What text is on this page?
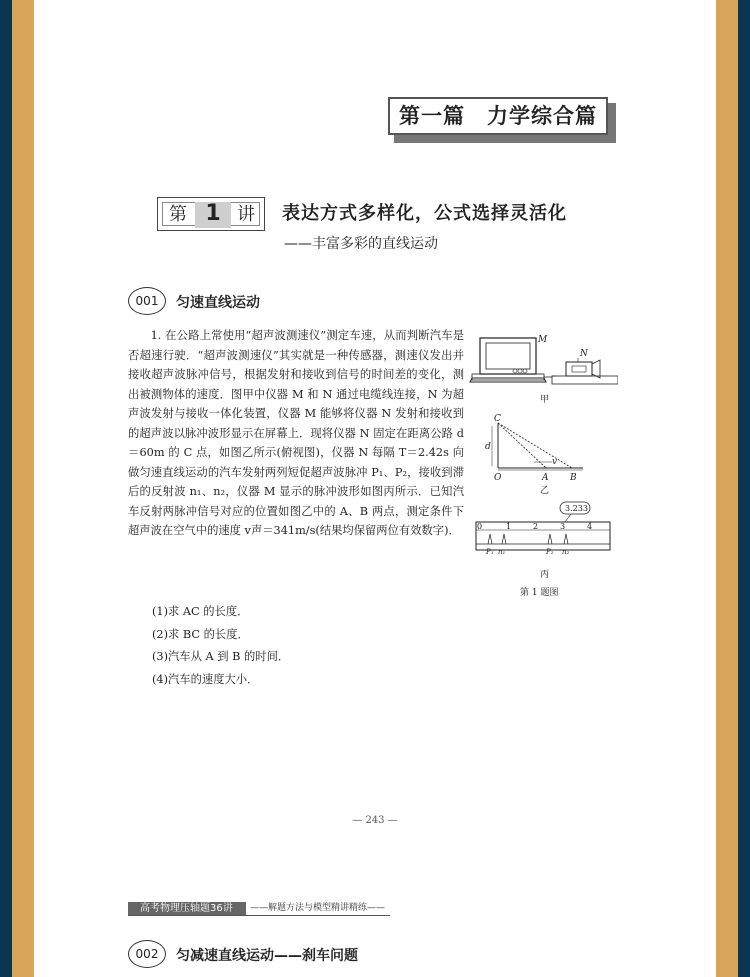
第一篇　力学综合篇
第 1 讲 表达方式多样化，公式选择灵活化
——丰富多彩的直线运动
001	匀速直线运动

1. 在公路上常使用“超声波测速仪”测定车速，从而判断汽车是否超速行驶．“超声波测速仪”其实就是一种传感器，测速仪发出并接收超声波脉冲信号，根据发射和接收到信号的时间差的变化，测出被测物体的速度．图甲中仪器 M 和 N 通过电缆线连接，N 为超声波发射与接收一体化装置，仪器 M 能够将仪器 N 发射和接收到的超声波以脉冲波形显示在屏幕上．现将仪器 N 固定在距离公路 d＝60m 的 C 点，如图乙所示(俯视图)，仪器 N 每隔 T＝2.42s 向做匀速直线运动的汽车发射两列短促超声波脉冲 P₁、P₂，接收到滞后的反射波 n₁、n₂，仪器 M 显示的脉冲波形如图丙所示．已知汽车反射两脉冲信号对应的位置如图乙中的 A、B 两点，测定条件下超声波在空气中的速度 v声＝341m/s(结果均保留两位有效数字)．

(1)求 AC 的长度．
(2)求 BC 的长度．
(3)汽车从 A 到 B 的时间．
(4)汽车的速度大小．
M
N
甲
C
d
O	A B
v
乙
3.233
0	1	2	3	4
P₁ n₁	P₂ n₂
丙
第 1 题图
— 243 —
高考物理压轴题36讲	——解题方法与模型精讲精练——
002	匀减速直线运动——刹车问题
